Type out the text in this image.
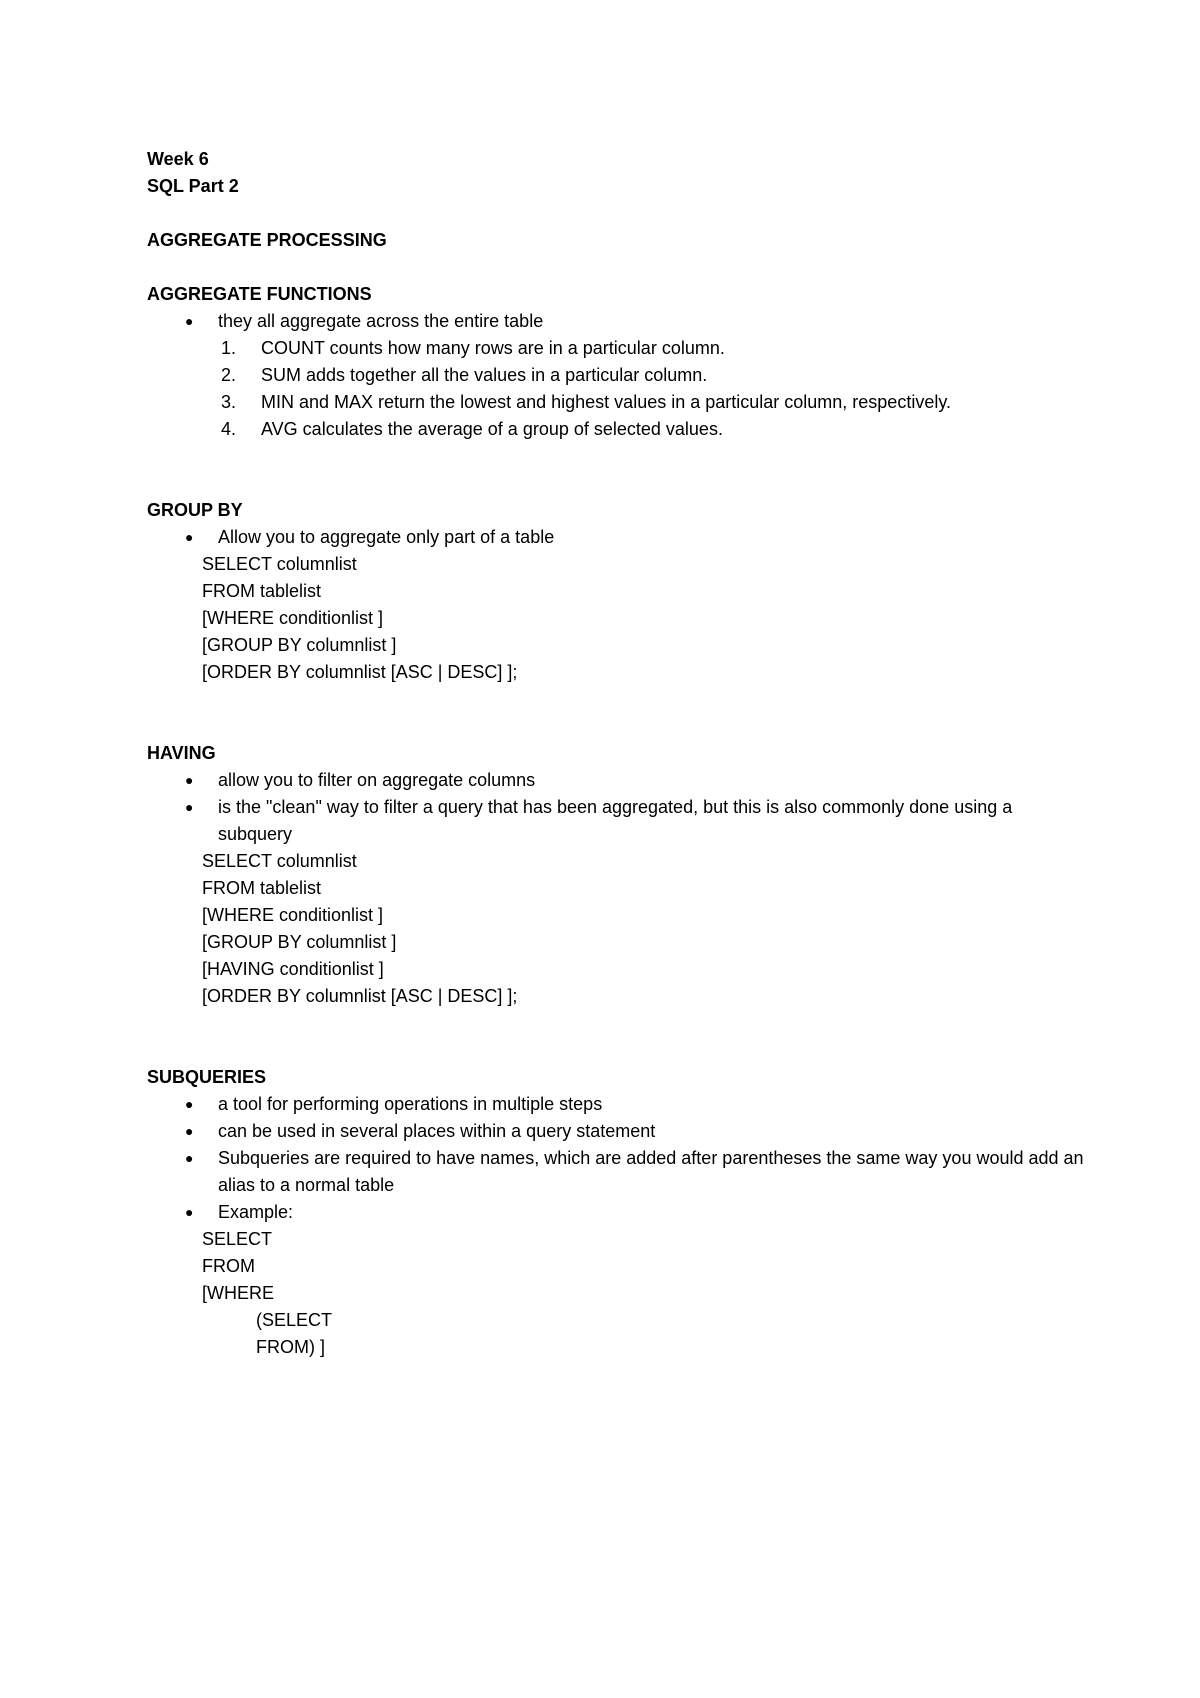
Week 6
SQL Part 2
AGGREGATE PROCESSING
AGGREGATE FUNCTIONS
●	they all aggregate across the entire table
1.	COUNT counts how many rows are in a particular column.
2.	SUM adds together all the values in a particular column.
3.	MIN and MAX return the lowest and highest values in a particular column, respectively.
4.	AVG calculates the average of a group of selected values.
GROUP BY
●	Allow you to aggregate only part of a table
SELECT columnlist
FROM tablelist
[WHERE conditionlist ]
[GROUP BY columnlist ]
[ORDER BY columnlist [ASC | DESC] ];
HAVING
●	allow you to filter on aggregate columns
●	is the "clean" way to filter a query that has been aggregated, but this is also commonly done using a subquery
SELECT columnlist
FROM tablelist
[WHERE conditionlist ]
[GROUP BY columnlist ]
[HAVING conditionlist ]
[ORDER BY columnlist [ASC | DESC] ];
SUBQUERIES
●	a tool for performing operations in multiple steps
●	can be used in several places within a query statement
●	Subqueries are required to have names, which are added after parentheses the same way you would add an alias to a normal table
●	Example:
SELECT
FROM
[WHERE
(SELECT
FROM) ]
